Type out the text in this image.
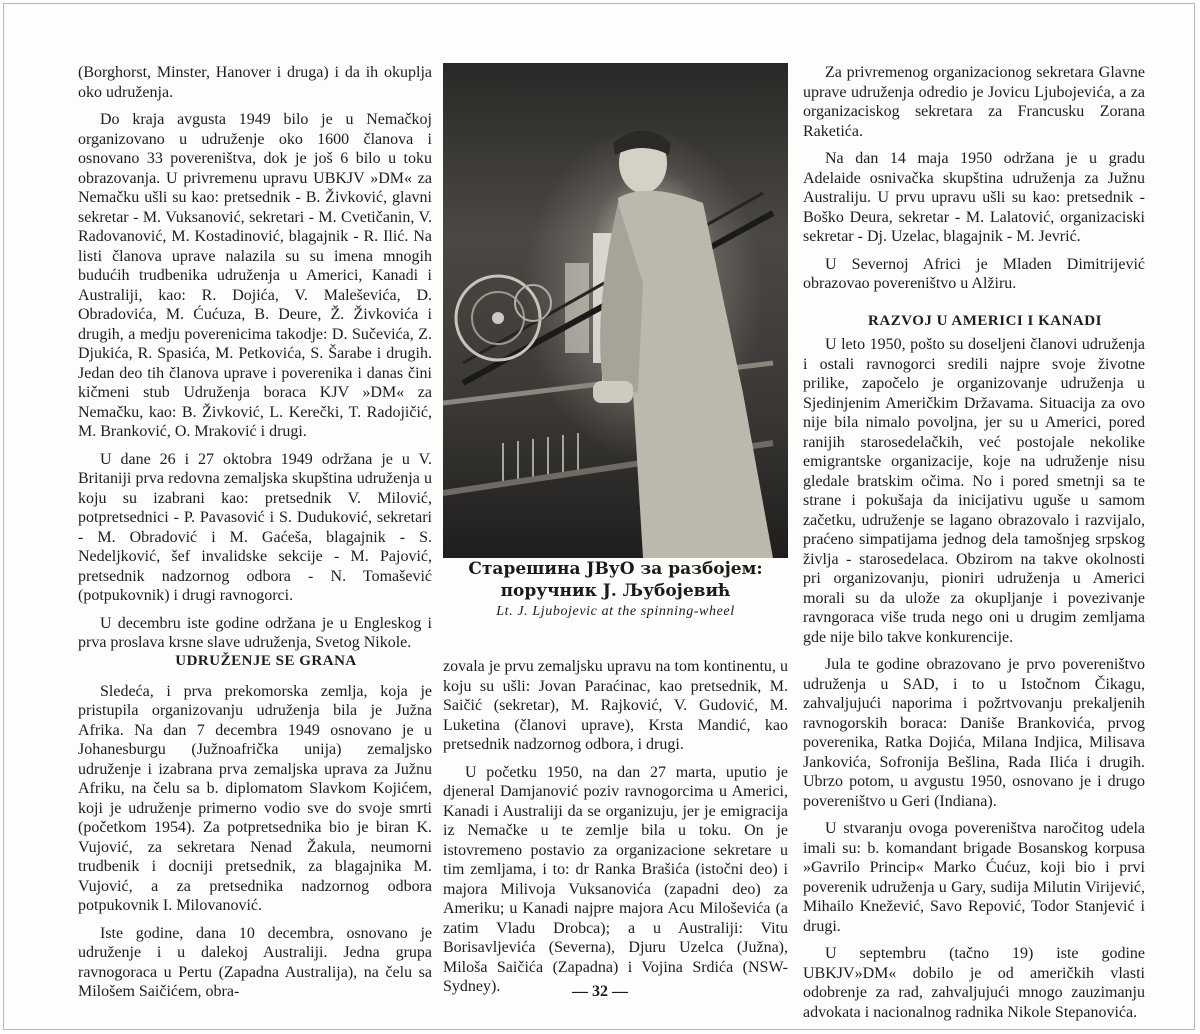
(Borghorst, Minster, Hanover i druga) i da ih okuplja oko udruženja.

Do kraja avgusta 1949 bilo je u Nemačkoj organizovano u udruženje oko 1600 članova i osnovano 33 povereništva, dok je još 6 bilo u toku obrazovanja. U privremenu upravu UBKJV »DM« za Nemačku ušli su kao: pretsednik - B. Živković, glavni sekretar - M. Vuksanović, sekretari - M. Cvetičanin, V. Radovanović, M. Kostadinović, blagajnik - R. Ilić. Na listi članova uprave nalazila su su imena mnogih budućih trudbenika udruženja u Americi, Kanadi i Australiji, kao: R. Dojića, V. Maleševića, D. Obradovića, M. Ćućuza, B. Deure, Ž. Živkovića i drugih, a medju poverenicima takodje: D. Sučevića, Z. Djukića, R. Spasića, M. Petkovića, S. Šarabe i drugih. Jedan deo tih članova uprave i poverenika i danas čini kičmeni stub Udruženja boraca KJV »DM« za Nemačku, kao: B. Živković, L. Kerečki, T. Radojičić, M. Branković, O. Mraković i drugi.

U dane 26 i 27 oktobra 1949 održana je u V. Britaniji prva redovna zemaljska skupština udruženja u koju su izabrani kao: pretsednik V. Milović, potpretsednici - P. Pavasović i S. Duduković, sekretari - M. Obradović i M. Gaćeša, blagajnik - S. Nedeljković, šef invalidske sekcije - M. Pajović, pretsednik nadzornog odbora - N. Tomašević (potpukovnik) i drugi ravnogorci.

U decembru iste godine održana je u Engleskog i prva proslava krsne slave udruženja, Svetog Nikole.

UDRUŽENJE SE GRANA

Sledeća, i prva prekomorska zemlja, koja je pristupila organizovanju udruženja bila je Južna Afrika. Na dan 7 decembra 1949 osnovano je u Johanesburgu (Južnoafrička unija) zemaljsko udruženje i izabrana prva zemaljska uprava za Južnu Afriku, na čelu sa b. diplomatom Slavkom Kojićem, koji je udruženje primerno vodio sve do svoje smrti (početkom 1954). Za potpretsednika bio je biran K. Vujović, za sekretara Nenad Žakula, neumorni trudbenik i docniji pretsednik, za blagajnika M. Vujović, a za pretsednika nadzornog odbora potpukovnik I. Milovanović.

Iste godine, dana 10 decembra, osnovano je udruženje i u dalekoj Australiji. Jedna grupa ravnogoraca u Pertu (Zapadna Australija), na čelu sa Milošem Saičićem, obra-

Старешина ЈВуО за разбојем:
поручник Ј. Љубојевић
Lt. J. Ljubojevic at the spinning-wheel

zovala je prvu zemaljsku upravu na tom kontinentu, u koju su ušli: Jovan Paraćinac, kao pretsednik, M. Saičić (sekretar), M. Rajković, V. Gudović, M. Luketina (članovi uprave), Krsta Mandić, kao pretsednik nadzornog odbora, i drugi.

U početku 1950, na dan 27 marta, uputio je djeneral Damjanović poziv ravnogorcima u Americi, Kanadi i Australiji da se organizuju, jer je emigracija iz Nemačke u te zemlje bila u toku. On je istovremeno postavio za organizacione sekretare u tim zemljama, i to: dr Ranka Brašića (istočni deo) i majora Milivoja Vuksanovića (zapadni deo) za Ameriku; u Kanadi najpre majora Acu Miloševića (a zatim Vladu Drobca); a u Australiji: Vitu Borisavljevića (Severna), Djuru Uzelca (Južna), Miloša Saičića (Zapadna) i Vojina Srdića (NSW-Sydney).

Za privremenog organizacionog sekretara Glavne uprave udruženja odredio je Jovicu Ljubojevića, a za organizaciskog sekretara za Francusku Zorana Raketića.

Na dan 14 maja 1950 održana je u gradu Adelaide osnivačka skupština udruženja za Južnu Australiju. U prvu upravu ušli su kao: pretsednik - Boško Deura, sekretar - M. Lalatović, organizaciski sekretar - Dj. Uzelac, blagajnik - M. Jevrić.

U Severnoj Africi je Mladen Dimitrijević obrazovao povereništvo u Alžiru.

RAZVOJ U AMERICI I KANADI

U leto 1950, pošto su doseljeni članovi udruženja i ostali ravnogorci sredili najpre svoje životne prilike, započelo je organizovanje udruženja u Sjedinjenim Američkim Državama. Situacija za ovo nije bila nimalo povoljna, jer su u Americi, pored ranijih starosedelačkih, već postojale nekolike emigrantske organizacije, koje na udruženje nisu gledale bratskim očima. No i pored smetnji sa te strane i pokušaja da inicijativu uguše u samom začetku, udruženje se lagano obrazovalo i razvijalo, praćeno simpatijama jednog dela tamošnjeg srpskog življa - starosedelaca. Obzirom na takve okolnosti pri organizovanju, pioniri udruženja u Americi morali su da ulože za okupljanje i povezivanje ravngoraca više truda nego oni u drugim zemljama gde nije bilo takve konkurencije.

Jula te godine obrazovano je prvo povereništvo udruženja u SAD, i to u Istočnom Čikagu, zahvaljujući naporima i požrtvovanju prekaljenih ravnogorskih boraca: Daniše Brankovića, prvog poverenika, Ratka Dojića, Milana Indjica, Milisava Jankovića, Sofronija Bešlina, Rada Ilića i drugih. Ubrzo potom, u avgustu 1950, osnovano je i drugo povereništvo u Geri (Indiana).

U stvaranju ovoga povereništva naročitog udela imali su: b. komandant brigade Bosanskog korpusa »Gavrilo Princip« Marko Ćućuz, koji bio i prvi poverenik udruženja u Gary, sudija Milutin Virijević, Mihailo Knežević, Savo Repović, Todor Stanjević i drugi.

U septembru (tačno 19) iste godine UBKJV»DM« dobilo je od američkih vlasti odobrenje za rad, zahvaljujući mnogo zauzimanju advokata i nacionalnog radnika Nikole Stepanovića.

— 32 —
